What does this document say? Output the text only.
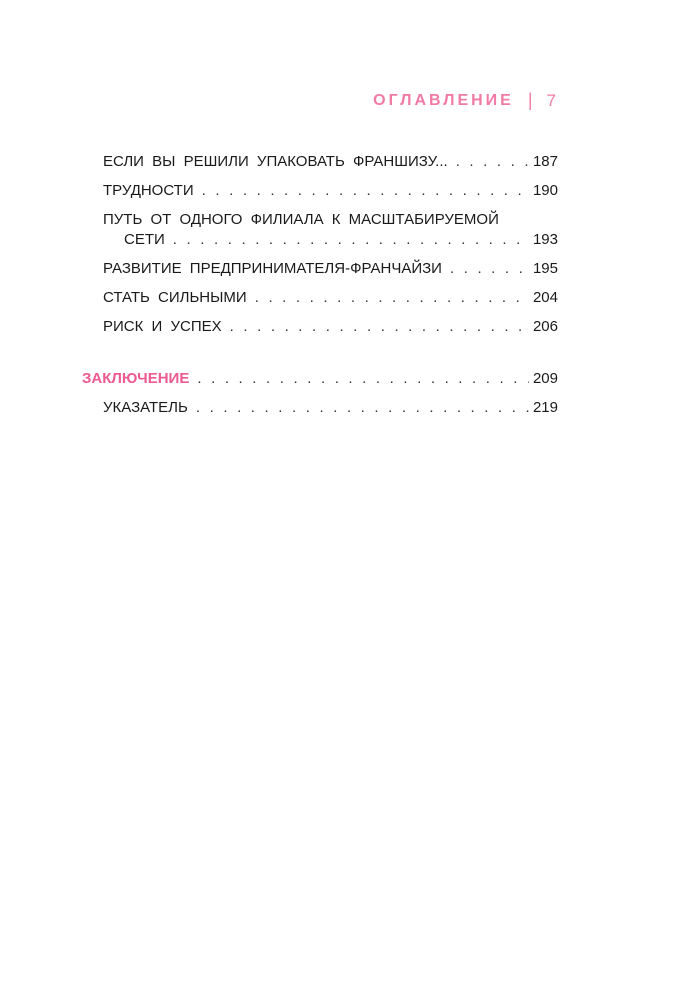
ОГЛАВЛЕНИЕ | 7
ЕСЛИ ВЫ РЕШИЛИ УПАКОВАТЬ ФРАНШИЗУ... . . .	187
ТРУДНОСТИ . . .	190
ПУТЬ ОТ ОДНОГО ФИЛИАЛА К МАСШТАБИРУЕМОЙ
СЕТИ . . .	193
РАЗВИТИЕ ПРЕДПРИНИМАТЕЛЯ-ФРАНЧАЙЗИ . . .	195
СТАТЬ СИЛЬНЫМИ . . .	204
РИСК И УСПЕХ . . .	206
ЗАКЛЮЧЕНИЕ . . .	209
УКАЗАТЕЛЬ . . .	219
